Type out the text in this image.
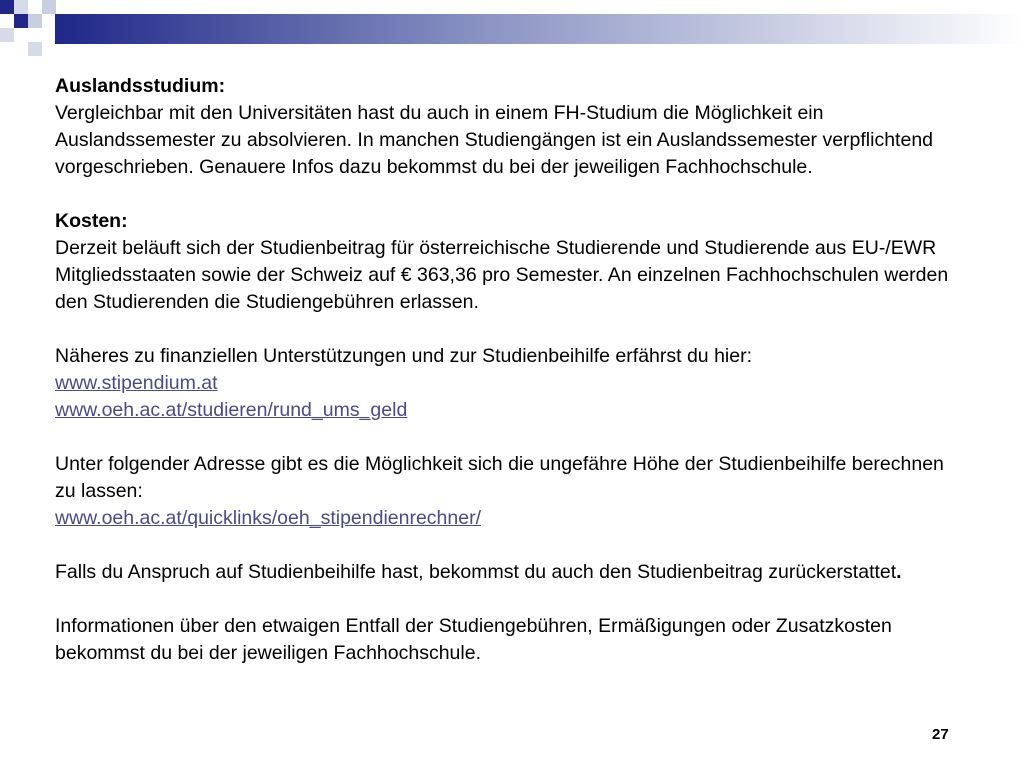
Auslandsstudium:
Vergleichbar mit den Universitäten hast du auch in einem FH-Studium die Möglichkeit ein Auslandssemester zu absolvieren. In manchen Studiengängen ist ein Auslandssemester verpflichtend vorgeschrieben. Genauere Infos dazu bekommst du bei der jeweiligen Fachhochschule.
Kosten:
Derzeit beläuft sich der Studienbeitrag für österreichische Studierende und Studierende aus EU-/EWR Mitgliedsstaaten sowie der Schweiz auf € 363,36 pro Semester. An einzelnen Fachhochschulen werden den Studierenden die Studiengebühren erlassen.
Näheres zu finanziellen Unterstützungen und zur Studienbeihilfe erfährst du hier:
www.stipendium.at
www.oeh.ac.at/studieren/rund_ums_geld
Unter folgender Adresse gibt es die Möglichkeit sich die ungefähre Höhe der Studienbeihilfe berechnen zu lassen:
www.oeh.ac.at/quicklinks/oeh_stipendienrechner/
Falls du Anspruch auf Studienbeihilfe hast, bekommst du auch den Studienbeitrag zurückerstattet.
Informationen über den etwaigen Entfall der Studiengebühren, Ermäßigungen oder Zusatzkosten bekommst du bei der jeweiligen Fachhochschule.
27
